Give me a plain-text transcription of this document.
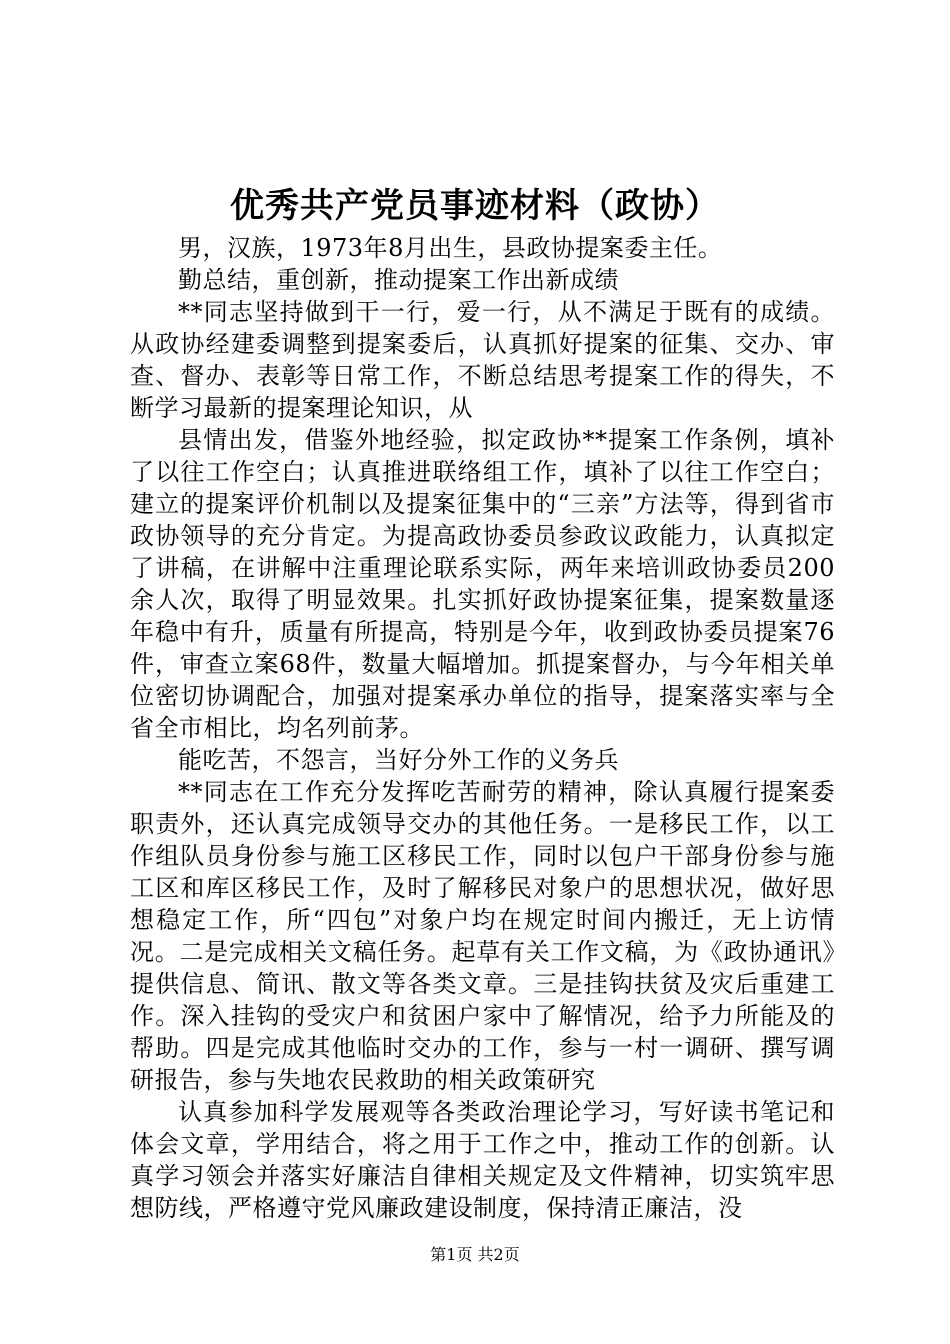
优秀共产党员事迹材料（政协）

男，汉族，1973年8月出生，县政协提案委主任。

勤总结，重创新，推动提案工作出新成绩

**同志坚持做到干一行，爱一行，从不满足于既有的成绩。从政协经建委调整到提案委后，认真抓好提案的征集、交办、审查、督办、表彰等日常工作，不断总结思考提案工作的得失，不断学习最新的提案理论知识，从

县情出发，借鉴外地经验，拟定政协**提案工作条例，填补了以往工作空白；认真推进联络组工作，填补了以往工作空白；建立的提案评价机制以及提案征集中的“三亲”方法等，得到省市政协领导的充分肯定。为提高政协委员参政议政能力，认真拟定了讲稿，在讲解中注重理论联系实际，两年来培训政协委员200余人次，取得了明显效果。扎实抓好政协提案征集，提案数量逐年稳中有升，质量有所提高，特别是今年，收到政协委员提案76件，审查立案68件，数量大幅增加。抓提案督办，与今年相关单位密切协调配合，加强对提案承办单位的指导，提案落实率与全省全市相比，均名列前茅。

能吃苦，不怨言，当好分外工作的义务兵

**同志在工作充分发挥吃苦耐劳的精神，除认真履行提案委职责外，还认真完成领导交办的其他任务。一是移民工作，以工作组队员身份参与施工区移民工作，同时以包户干部身份参与施工区和库区移民工作，及时了解移民对象户的思想状况，做好思想稳定工作，所“四包”对象户均在规定时间内搬迁，无上访情况。二是完成相关文稿任务。起草有关工作文稿，为《政协通讯》提供信息、简讯、散文等各类文章。三是挂钩扶贫及灾后重建工作。深入挂钩的受灾户和贫困户家中了解情况，给予力所能及的帮助。四是完成其他临时交办的工作，参与一村一调研、撰写调研报告，参与失地农民救助的相关政策研究

认真参加科学发展观等各类政治理论学习，写好读书笔记和体会文章，学用结合，将之用于工作之中，推动工作的创新。认真学习领会并落实好廉洁自律相关规定及文件精神，切实筑牢思想防线，严格遵守党风廉政建设制度，保持清正廉洁，没

第1页 共2页
